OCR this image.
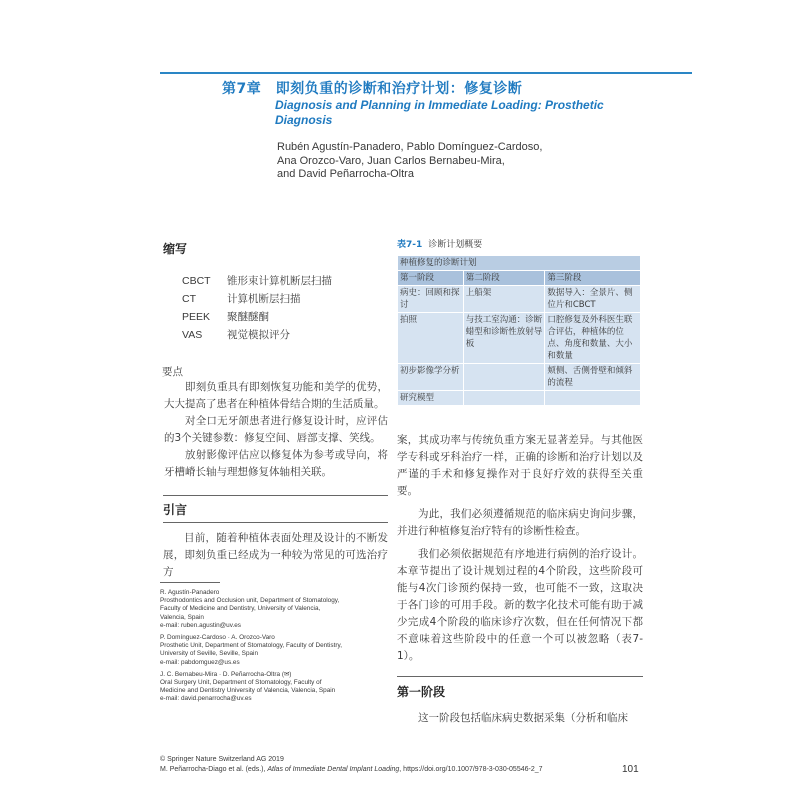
第7章　即刻负重的诊断和治疗计划：修复诊断
Diagnosis and Planning in Immediate Loading: Prosthetic
Diagnosis
Rubén Agustín-Panadero, Pablo Domínguez-Cardoso,
Ana Orozco-Varo, Juan Carlos Bernabeu-Mira,
and David Peñarrocha-Oltra
缩写
CBCT	锥形束计算机断层扫描
CT	计算机断层扫描
PEEK	聚醚醚酮
VAS	视觉模拟评分
要点

即刻负重具有即刻恢复功能和美学的优势，大大提高了患者在种植体骨结合期的生活质量。

对全口无牙颌患者进行修复设计时，应评估的3个关键参数：修复空间、唇部支撑、笑线。

放射影像评估应以修复体为参考或导向，将牙槽嵴长轴与理想修复体轴相关联。

引言

目前，随着种植体表面处理及设计的不断发展，即刻负重已经成为一种较为常见的可选治疗方

R. Agustín-Panadero
Prosthodontics and Occlusion unit, Department of Stomatology,
Faculty of Medicine and Dentistry, University of Valencia,
Valencia, Spain
e-mail: ruben.agustin@uv.es
P. Domínguez-Cardoso · A. Orozco-Varo
Prosthetic Unit, Department of Stomatology, Faculty of Dentistry,
University of Seville, Seville, Spain
e-mail: pabdomguez@us.es
J. C. Bernabeu-Mira · D. Peñarrocha-Oltra (✉)
Oral Surgery Unit, Department of Stomatology, Faculty of
Medicine and Dentistry University of Valencia, Valencia, Spain
e-mail: david.penarrocha@uv.es
© Springer Nature Switzerland AG 2019
M. Peñarrocha-Diago et al. (eds.), Atlas of Immediate Dental Implant Loading, https://doi.org/10.1007/978-3-030-05546-2_7	101
表7-1 诊断计划概要
种植修复的诊断计划		
第一阶段	第二阶段	第三阶段
病史：回顾和探讨	上船架	数据导入：全景片、侧位片和CBCT
拍照	与技工室沟通：诊断蜡型和诊断性放射导板	口腔修复及外科医生联合评估，种植体的位点、角度和数量、大小和数量
初步影像学分析		颊侧、舌侧骨壁和倾斜的流程
研究模型		

案，其成功率与传统负重方案无显著差异。与其他医学专科或牙科治疗一样，正确的诊断和治疗计划以及严谨的手术和修复操作对于良好疗效的获得至关重要。

为此，我们必须遵循规范的临床病史询问步骤，并进行种植修复治疗特有的诊断性检查。

我们必须依据规范有序地进行病例的治疗设计。本章节提出了设计规划过程的4个阶段，这些阶段可能与4次门诊预约保持一致，也可能不一致，这取决于各门诊的可用手段。新的数字化技术可能有助于减少完成4个阶段的临床诊疗次数，但在任何情况下都不意味着这些阶段中的任意一个可以被忽略（表7-1）。

第一阶段

这一阶段包括临床病史数据采集（分析和临床
